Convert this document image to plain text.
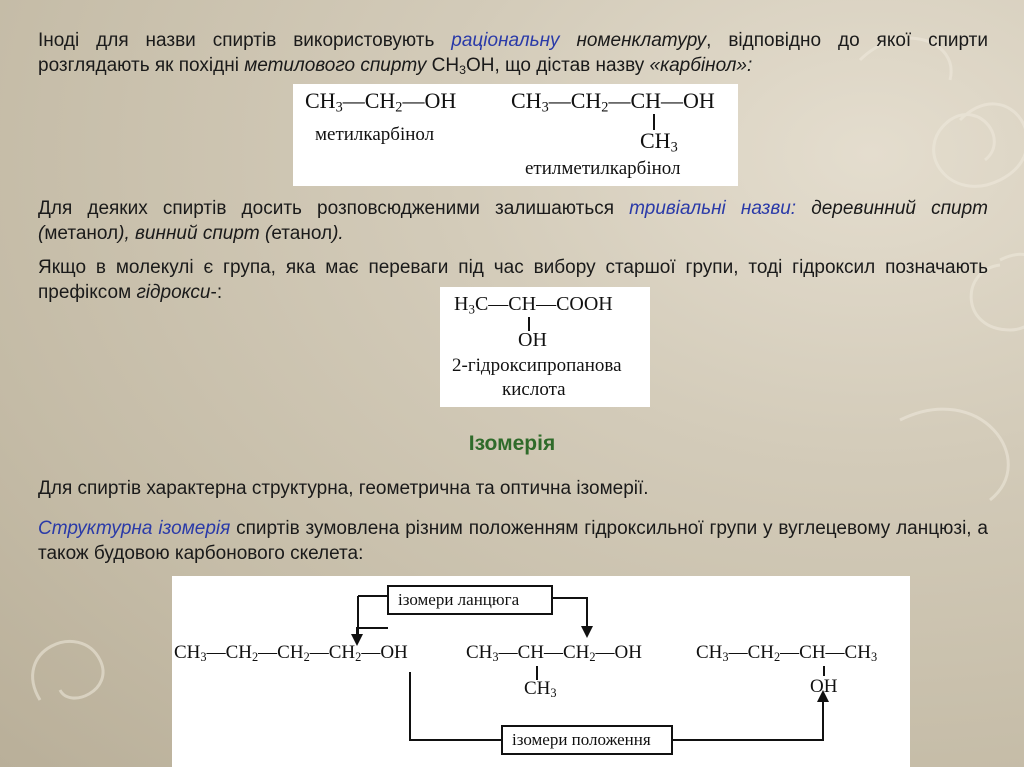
Іноді для назви спиртів використовують раціональну номенклатуру, відповідно до якої спирти розглядають як похідні метилового спирту $CH_3OH$, що дістав назву «карбінол»:
$CH_3—CH_2—OH$
метилкарбінол
$CH_3—CH_2—CH—OH$
$CH_3$
етилметилкарбінол
Для деяких спиртів досить розповсюдженими залишаються тривіальні назви: деревинний спирт (метанол), винний спирт (етанол).
Якщо в молекулі є група, яка має переваги під час вибору старшої групи, тоді гідроксил позначають префіксом гідрокси-:
$H_3C—CH—COOH$
OH
2-гідроксипропанова
кислота
Ізомерія
Для спиртів характерна структурна, геометрична та оптична ізомерії.
Структурна ізомерія спиртів зумовлена різним положенням гідроксильної групи у вуглецевому ланцюзі, а також будовою карбонового скелета:
ізомери ланцюга
ізомери положення
$CH_3—CH_2—CH_2—CH_2—OH$	$CH_3—CH—CH_2—OH$
$CH_3$
$CH_3—CH_2—CH—CH_3$
OH
